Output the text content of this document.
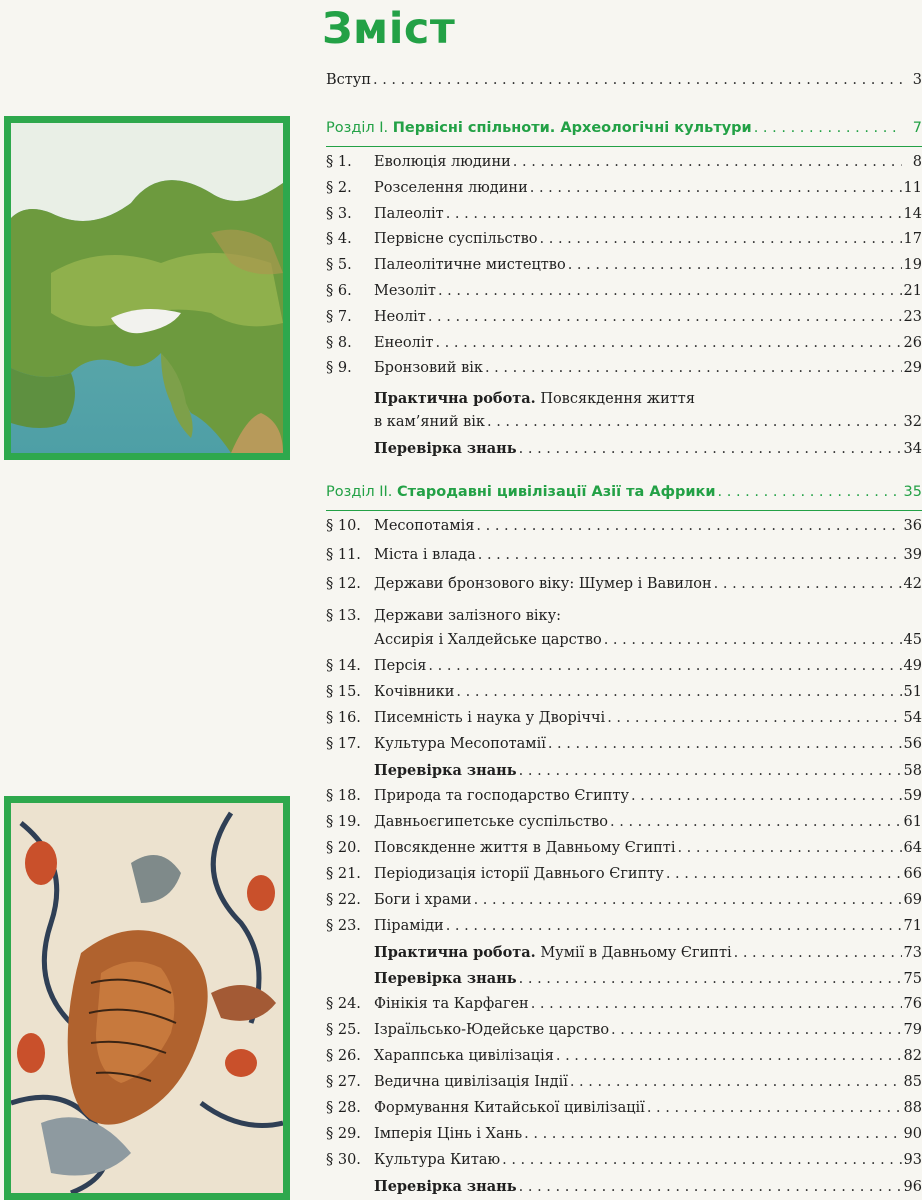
Зміст
Вступ . . .	3
Розділ I. Первісні спільноти. Археологічні культури . . .	7
§ 1.	Еволюція людини . . .	8
§ 2.	Розселення людини . . .	11
§ 3.	Палеоліт . . .	14
§ 4.	Первісне суспільство . . .	17
§ 5.	Палеолітичне мистецтво . . .	19
§ 6.	Мезоліт . . .	21
§ 7.	Неоліт . . .	23
§ 8.	Енеоліт . . .	26
§ 9.	Бронзовий вік . . .	29
Практична робота. Повсякдення життя
в кам’яний вік . . .	32
Перевірка знань . . .	34
Розділ II. Стародавні цивілізації Азії та Африки . . .	35
§ 10. Месопотамія . . .	36
§ 11. Міста і влада . . .	39
§ 12. Держави бронзового віку: Шумер і Вавилон . . .	42
§ 13. Держави залізного віку:
Ассирія і Халдейське царство . . .	45
§ 14. Персія . . .	49
§ 15. Кочівники . . .	51
§ 16. Писемність і наука у Дворіччі . . .	54
§ 17. Культура Месопотамії . . .	56
Перевірка знань . . .	58
§ 18. Природа та господарство Єгипту . . .	59
§ 19. Давньоєгипетське суспільство . . .	61
§ 20. Повсякденне життя в Давньому Єгипті . . .	64
§ 21. Періодизація історії Давнього Єгипту . . .	66
§ 22. Боги і храми . . .	69
§ 23. Піраміди . . .	71
Практична робота. Мумії в Давньому Єгипті . . .	73
Перевірка знань . . .	75
§ 24. Фінікія та Карфаген . . .	76
§ 25. Ізраїльсько-Юдейське царство . . .	79
§ 26. Хараппська цивілізація . . .	82
§ 27. Ведична цивілізація Індії . . .	85
§ 28. Формування Китайської цивілізації . . .	88
§ 29. Імперія Цінь і Хань . . .	90
§ 30. Культура Китаю . . .	93
Перевірка знань . . .	96
